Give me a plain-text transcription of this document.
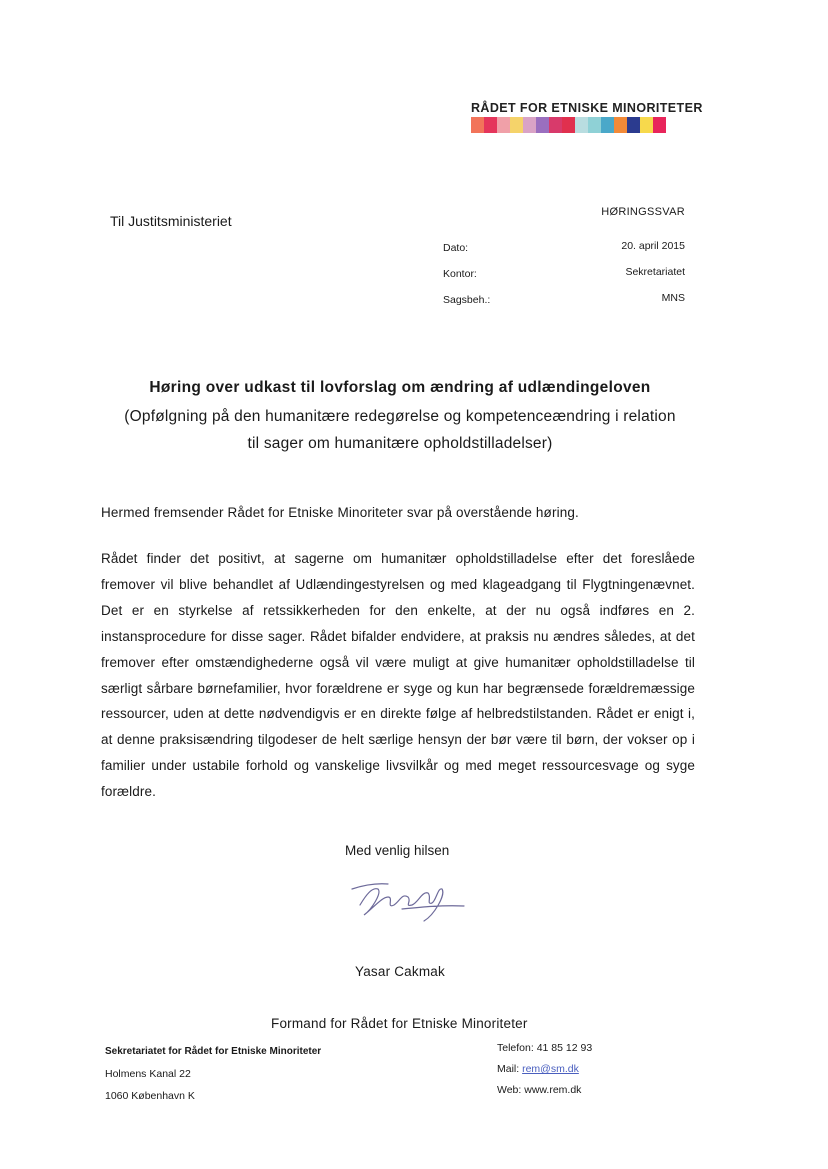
RÅDET FOR ETNISKE MINORITETER
Til Justitsministeriet
HØRINGSSVAR
Dato:	20. april 2015
Kontor:	Sekretariatet
Sagsbeh.:	MNS
Høring over udkast til lovforslag om ændring af udlændingeloven
(Opfølgning på den humanitære redegørelse og kompetenceændring i relation
til sager om humanitære opholdstilladelser)
Hermed fremsender Rådet for Etniske Minoriteter svar på overstående høring.
Rådet finder det positivt, at sagerne om humanitær opholdstilladelse efter det foreslåede fremover vil blive behandlet af Udlændingestyrelsen og med klageadgang til Flygtningenævnet. Det er en styrkelse af retssikkerheden for den enkelte, at der nu også indføres en 2. instansprocedure for disse sager. Rådet bifalder endvidere, at praksis nu ændres således, at det fremover efter omstændighederne også vil være muligt at give humanitær opholdstilladelse til særligt sårbare børnefamilier, hvor forældrene er syge og kun har begrænsede forældremæssige ressourcer, uden at dette nødvendigvis er en direkte følge af helbredstilstanden. Rådet er enigt i, at denne praksisændring tilgodeser de helt særlige hensyn der bør være til børn, der vokser op i familier under ustabile forhold og vanskelige livsvilkår og med meget ressourcesvage og syge forældre.
Med venlig hilsen
Yasar Cakmak
Formand for Rådet for Etniske Minoriteter
Sekretariatet for Rådet for Etniske Minoriteter
Holmens Kanal 22
1060 København K
Telefon: 41 85 12 93
Mail: rem@sm.dk
Web: www.rem.dk
